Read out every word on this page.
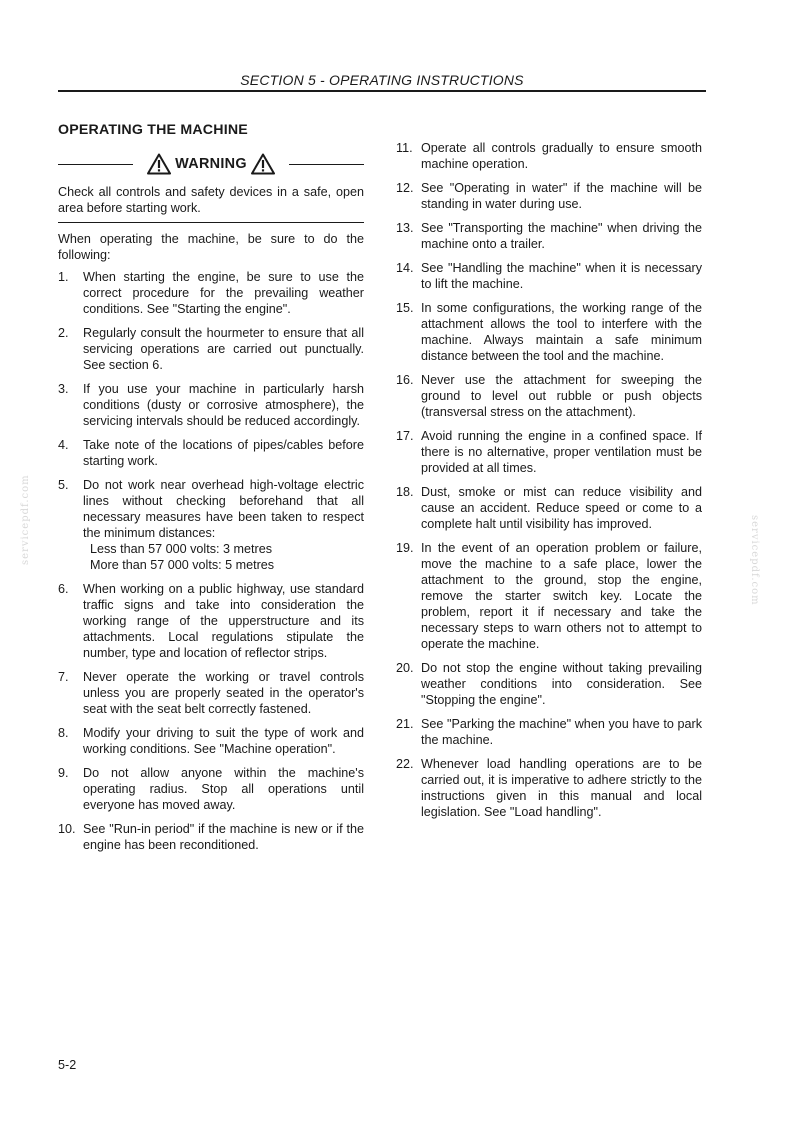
SECTION 5 - OPERATING INSTRUCTIONS
OPERATING THE MACHINE
WARNING

Check all controls and safety devices in a safe, open area before starting work.

When operating the machine, be sure to do the following:

1.	When starting the engine, be sure to use the correct procedure for the prevailing weather conditions. See "Starting the engine".
2.	Regularly consult the hourmeter to ensure that all servicing operations are carried out punctually. See section 6.
3.	If you use your machine in particularly harsh conditions (dusty or corrosive atmosphere), the servicing intervals should be reduced accordingly.
4.	Take note of the locations of pipes/cables before starting work.
5.	Do not work near overhead high-voltage electric lines without checking beforehand that all necessary measures have been taken to respect the minimum distances:
Less than 57 000 volts: 3 metres
More than 57 000 volts: 5 metres
6.	When working on a public highway, use standard traffic signs and take into consideration the working range of the upperstructure and its attachments. Local regulations stipulate the number, type and location of reflector strips.
7.	Never operate the working or travel controls unless you are properly seated in the operator's seat with the seat belt correctly fastened.
8.	Modify your driving to suit the type of work and working conditions. See "Machine operation".
9.	Do not allow anyone within the machine's operating radius. Stop all operations until everyone has moved away.
10. See "Run-in period" if the machine is new or if the engine has been reconditioned.
11. Operate all controls gradually to ensure smooth machine operation.
12. See "Operating in water" if the machine will be standing in water during use.
13. See "Transporting the machine" when driving the machine onto a trailer.
14. See "Handling the machine" when it is necessary to lift the machine.
15. In some configurations, the working range of the attachment allows the tool to interfere with the machine. Always maintain a safe minimum distance between the tool and the machine.
16. Never use the attachment for sweeping the ground to level out rubble or push objects (transversal stress on the attachment).
17. Avoid running the engine in a confined space. If there is no alternative, proper ventilation must be provided at all times.
18. Dust, smoke or mist can reduce visibility and cause an accident. Reduce speed or come to a complete halt until visibility has improved.
19. In the event of an operation problem or failure, move the machine to a safe place, lower the attachment to the ground, stop the engine, remove the starter switch key. Locate the problem, report it if necessary and take the necessary steps to warn others not to attempt to operate the machine.
20. Do not stop the engine without taking prevailing weather conditions into consideration. See "Stopping the engine".
21. See "Parking the machine" when you have to park the machine.
22. Whenever load handling operations are to be carried out, it is imperative to adhere strictly to the instructions given in this manual and local legislation. See "Load handling".
servicepdf.com	servicepdf.com
5-2
